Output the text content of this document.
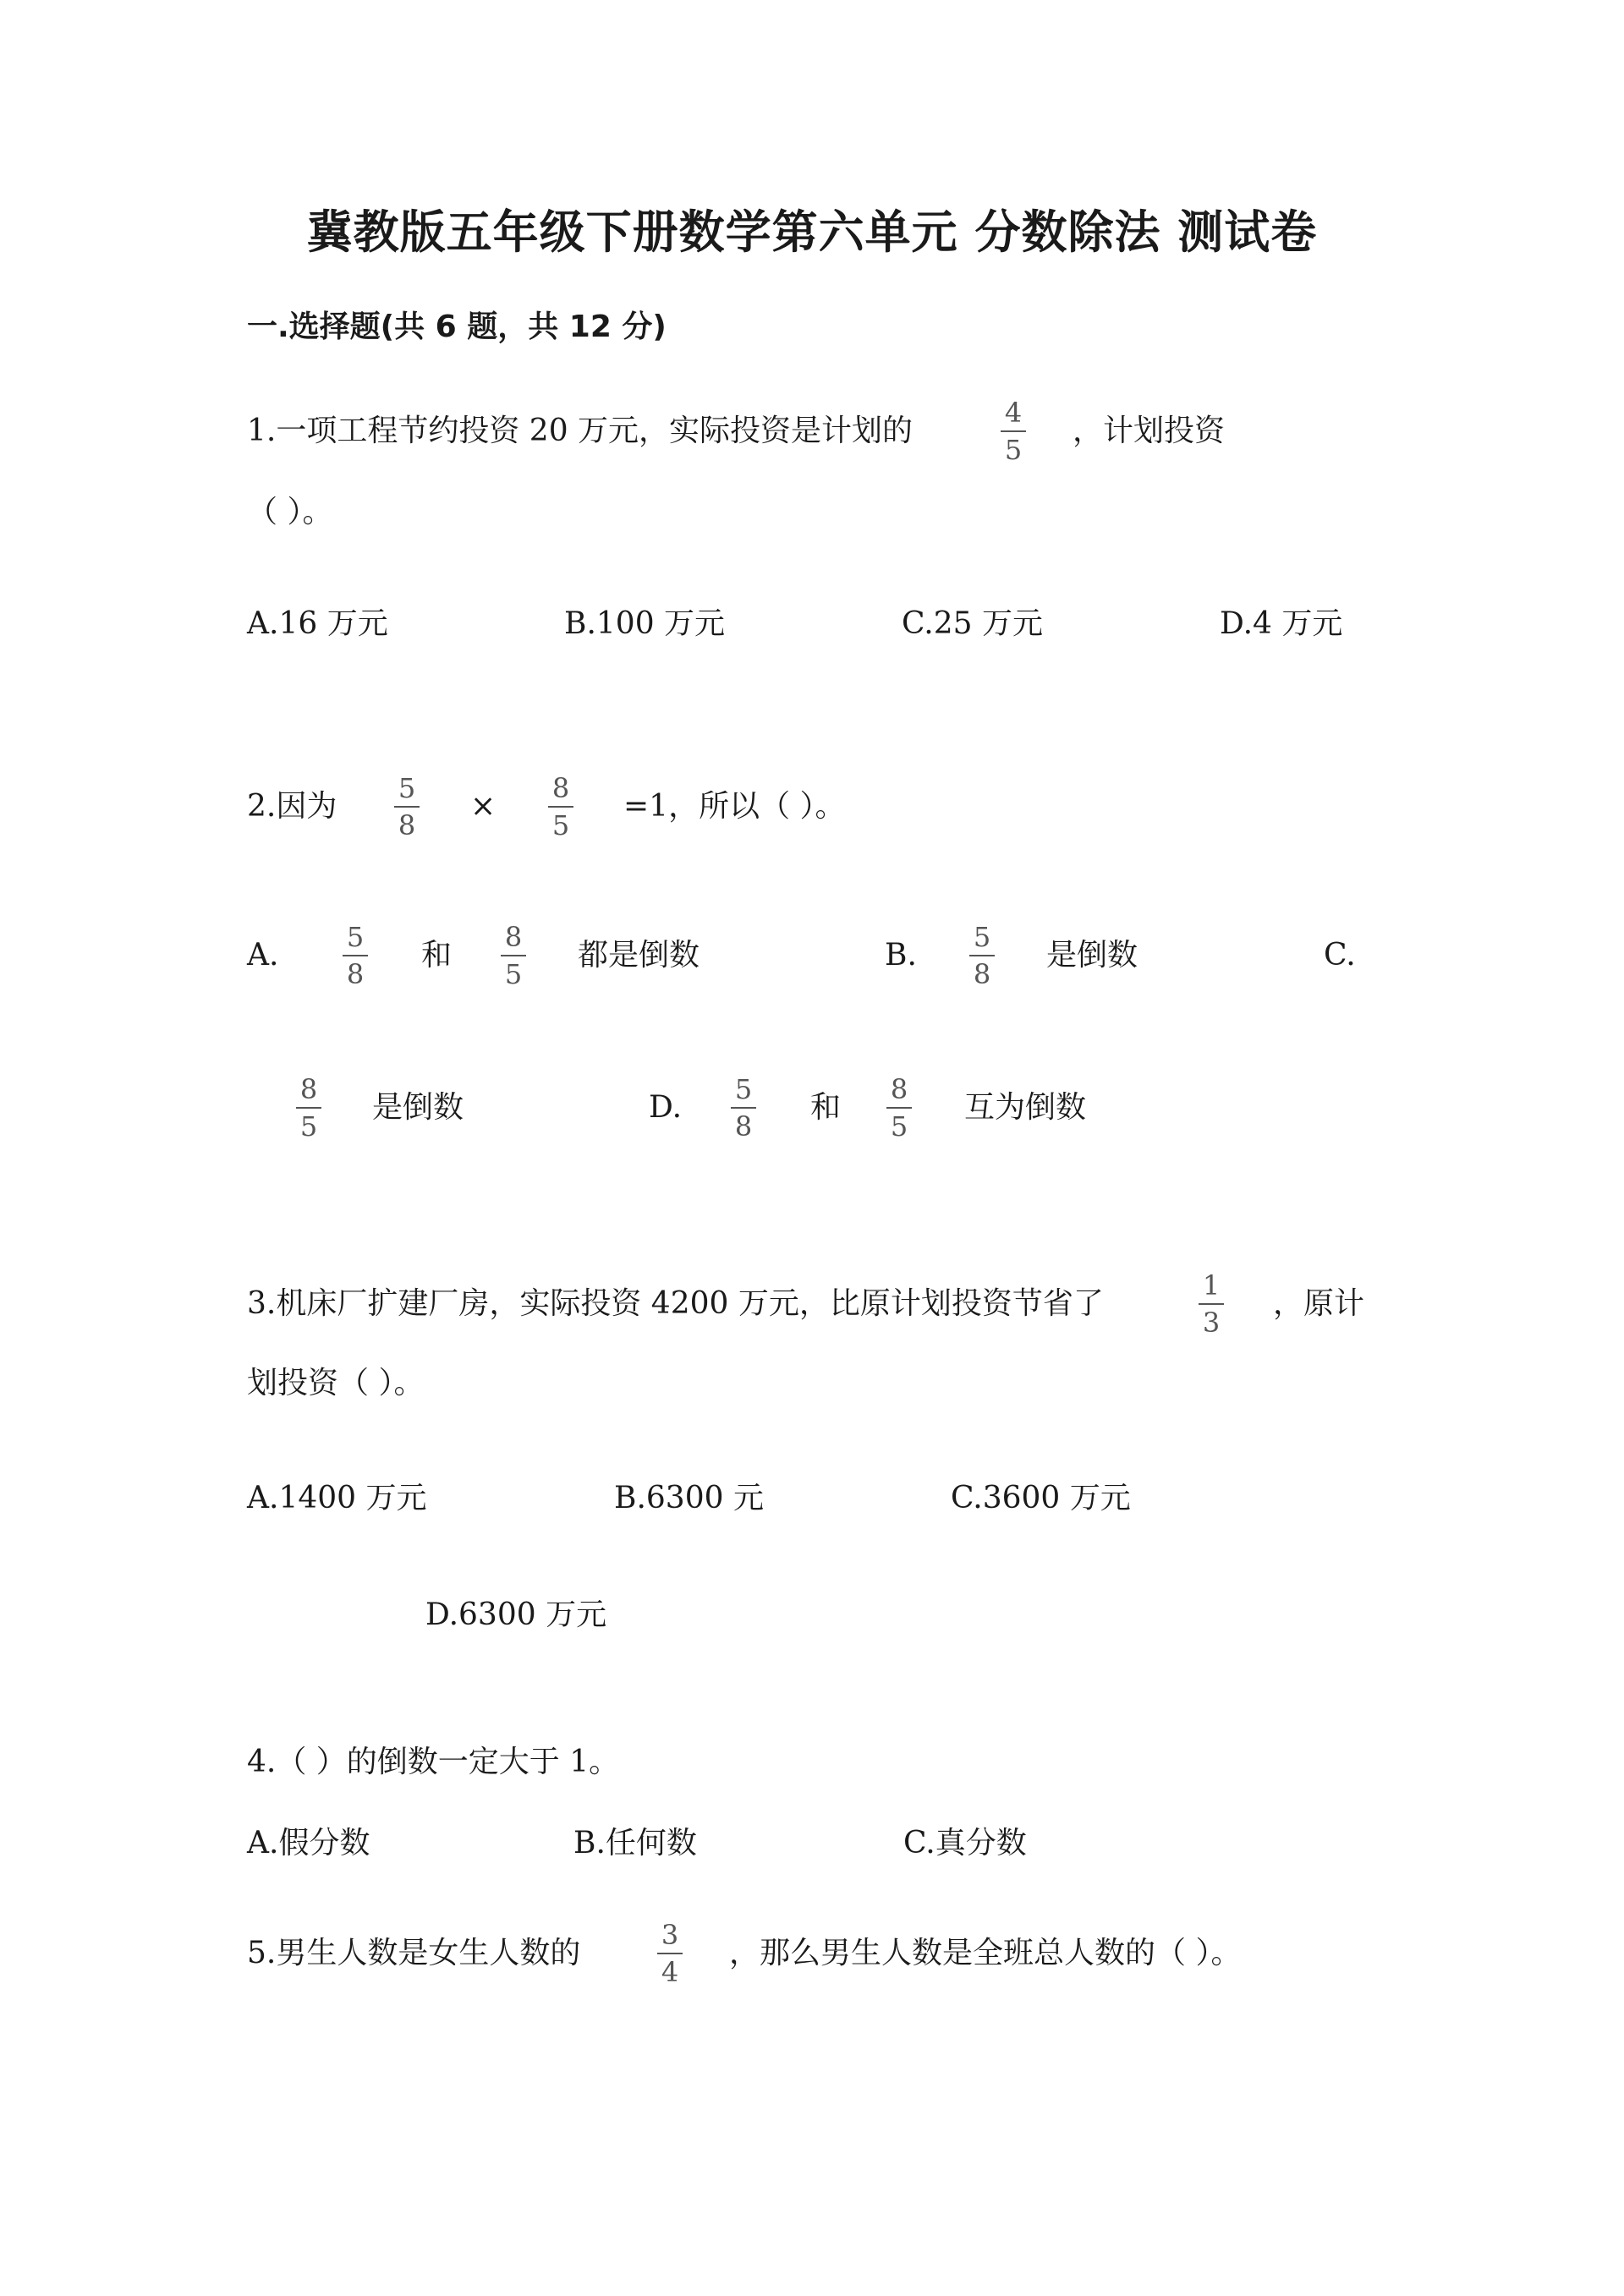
冀教版五年级下册数学第六单元 分数除法 测试卷
一.选择题(共 6 题，共 12 分)
1.一项工程节约投资 20 万元，实际投资是计划的
4
5
，计划投资
（ ）。
A.16 万元	B.100 万元	C.25 万元	D.4 万元
2.因为
5
8
×
8
5
=1，所以（ ）。
A.
5
8
和
8
5
都是倒数	B.
5
8
是倒数	C.
8
5
是倒数	D.
5
8
和
8
5
互为倒数
3.机床厂扩建厂房，实际投资 4200 万元，比原计划投资节省了
1
3
，原计
划投资（ ）。
A.1400 万元	B.6300 元	C.3600 万元
D.6300 万元
4.（ ）的倒数一定大于 1。
A.假分数	B.任何数	C.真分数
5.男生人数是女生人数的
3
4
，那么男生人数是全班总人数的（ ）。
